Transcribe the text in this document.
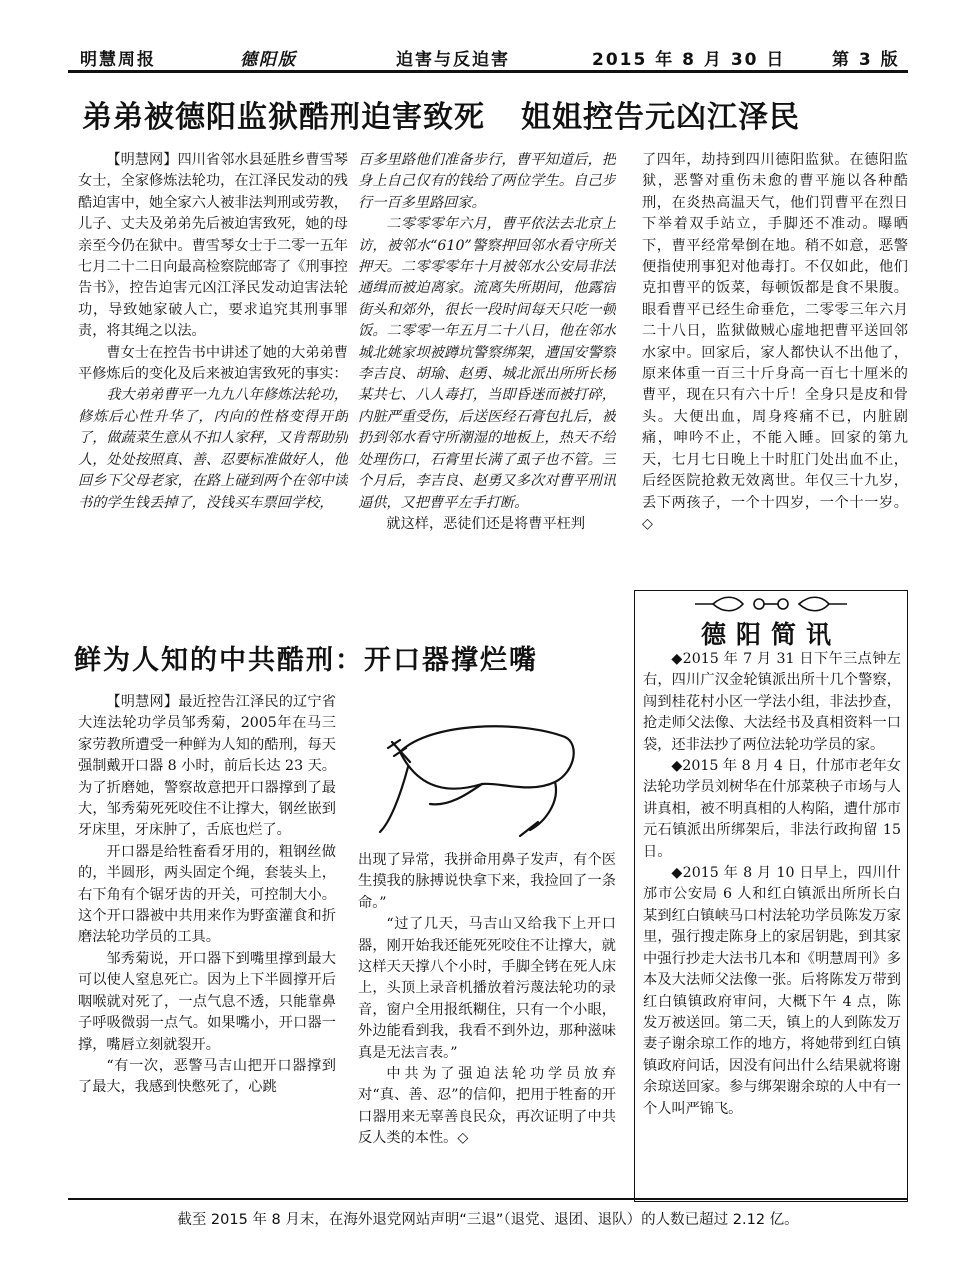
明慧周报	德阳版	迫害与反迫害	2015 年 8 月 30 日	第 3 版
弟弟被德阳监狱酷刑迫害致死 姐姐控告元凶江泽民

【明慧网】四川省邻水县延胜乡曹雪琴女士，全家修炼法轮功，在江泽民发动的残酷迫害中，她全家六人被非法判刑或劳教，儿子、丈夫及弟弟先后被迫害致死，她的母亲至今仍在狱中。曹雪琴女士于二零一五年七月二十二日向最高检察院邮寄了《刑事控告书》，控告迫害元凶江泽民发动迫害法轮功，导致她家破人亡，要求追究其刑事罪责，将其绳之以法。

曹女士在控告书中讲述了她的大弟弟曹平修炼后的变化及后来被迫害致死的事实：

我大弟弟曹平一九九八年修炼法轮功，修炼后心性升华了，内向的性格变得开朗了，做蔬菜生意从不扣人家秤，又肯帮助别人，处处按照真、善、忍要标准做好人，他回乡下父母老家，在路上碰到两个在邻中读书的学生钱丢掉了，没钱买车票回学校，

百多里路他们准备步行，曹平知道后，把身上自己仅有的钱给了两位学生。自己步行一百多里路回家。

二零零零年六月，曹平依法去北京上访，被邻水“610”警察押回邻水看守所关押天。二零零零年十月被邻水公安局非法通缉而被迫离家。流离失所期间，他露宿街头和郊外，很长一段时间每天只吃一顿饭。二零零一年五月二十八日，他在邻水城北姚家坝被蹲坑警察绑架，遭国安警察李吉良、胡瑜、赵勇、城北派出所所长杨某共七、八人毒打，当即昏迷而被打碎，内脏严重受伤，后送医经石膏包扎后，被扔到邻水看守所潮湿的地板上，热天不给处理伤口，石膏里长满了虱子也不管。三个月后，李吉良、赵勇又多次对曹平刑讯逼供，又把曹平左手打断。

就这样，恶徒们还是将曹平枉判

了四年，劫持到四川德阳监狱。在德阳监狱，恶警对重伤未愈的曹平施以各种酷刑，在炎热高温天气，他们罚曹平在烈日下举着双手站立，手脚还不准动。曝晒下，曹平经常晕倒在地。稍不如意，恶警便指使刑事犯对他毒打。不仅如此，他们克扣曹平的饭菜，每顿饭都是食不果腹。眼看曹平已经生命垂危，二零零三年六月二十八日，监狱做贼心虚地把曹平送回邻水家中。回家后，家人都快认不出他了，原来体重一百三十斤身高一百七十厘米的曹平，现在只有六十斤！全身只是皮和骨头。大便出血，周身疼痛不已，内脏剧痛，呻吟不止，不能入睡。回家的第九天，七月七日晚上十时肛门处出血不止，后经医院抢救无效离世。年仅三十九岁，丢下两孩子，一个十四岁，一个十一岁。◇

鲜为人知的中共酷刑：开口器撑烂嘴

【明慧网】最近控告江泽民的辽宁省大连法轮功学员邹秀菊，2005年在马三家劳教所遭受一种鲜为人知的酷刑，每天强制戴开口器 8 小时，前后长达 23 天。为了折磨她，警察故意把开口器撑到了最大，邹秀菊死死咬住不让撑大，钢丝嵌到牙床里，牙床肿了，舌底也烂了。

开口器是给牲畜看牙用的，粗钢丝做的，半圆形，两头固定个绳，套装头上，右下角有个锯牙齿的开关，可控制大小。这个开口器被中共用来作为野蛮灌食和折磨法轮功学员的工具。

邹秀菊说，开口器下到嘴里撑到最大可以使人窒息死亡。因为上下半圆撑开后咽喉就对死了，一点气息不透，只能靠鼻子呼吸微弱一点气。如果嘴小，开口器一撑，嘴唇立刻就裂开。

“有一次，恶警马吉山把开口器撑到了最大，我感到快憋死了，心跳

出现了异常，我拼命用鼻子发声，有个医生摸我的脉搏说快拿下来，我捡回了一条命。”

“过了几天，马吉山又给我下上开口器，刚开始我还能死死咬住不让撑大，就这样天天撑八个小时，手脚全铐在死人床上，头顶上录音机播放着污蔑法轮功的录音，窗户全用报纸糊住，只有一个小眼，外边能看到我，我看不到外边，那种滋味真是无法言表。”

中共为了强迫法轮功学员放弃对“真、善、忍”的信仰，把用于牲畜的开口器用来无辜善良民众，再次证明了中共反人类的本性。◇

德阳简讯

◆2015 年 7 月 31 日下午三点钟左右，四川广汉金轮镇派出所十几个警察，闯到桂花村小区一学法小组，非法抄查，抢走师父法像、大法经书及真相资料一口袋，还非法抄了两位法轮功学员的家。

◆2015 年 8 月 4 日，什邡市老年女法轮功学员刘树华在什邡菜秧子市场与人讲真相，被不明真相的人构陷，遭什邡市元石镇派出所绑架后，非法行政拘留 15 日。

◆2015 年 8 月 10 日早上，四川什邡市公安局 6 人和红白镇派出所所长白某到红白镇峡马口村法轮功学员陈发万家里，强行搜走陈身上的家居钥匙，到其家中强行抄走大法书几本和《明慧周刊》多本及大法师父法像一张。后将陈发万带到红白镇镇政府审问，大概下午 4 点，陈发万被送回。第二天，镇上的人到陈发万妻子谢余琼工作的地方，将她带到红白镇镇政府问话，因没有问出什么结果就将谢余琼送回家。参与绑架谢余琼的人中有一个人叫严锦飞。

截至 2015 年 8 月末，在海外退党网站声明“三退”（退党、退团、退队）的人数已超过 2.12 亿。
